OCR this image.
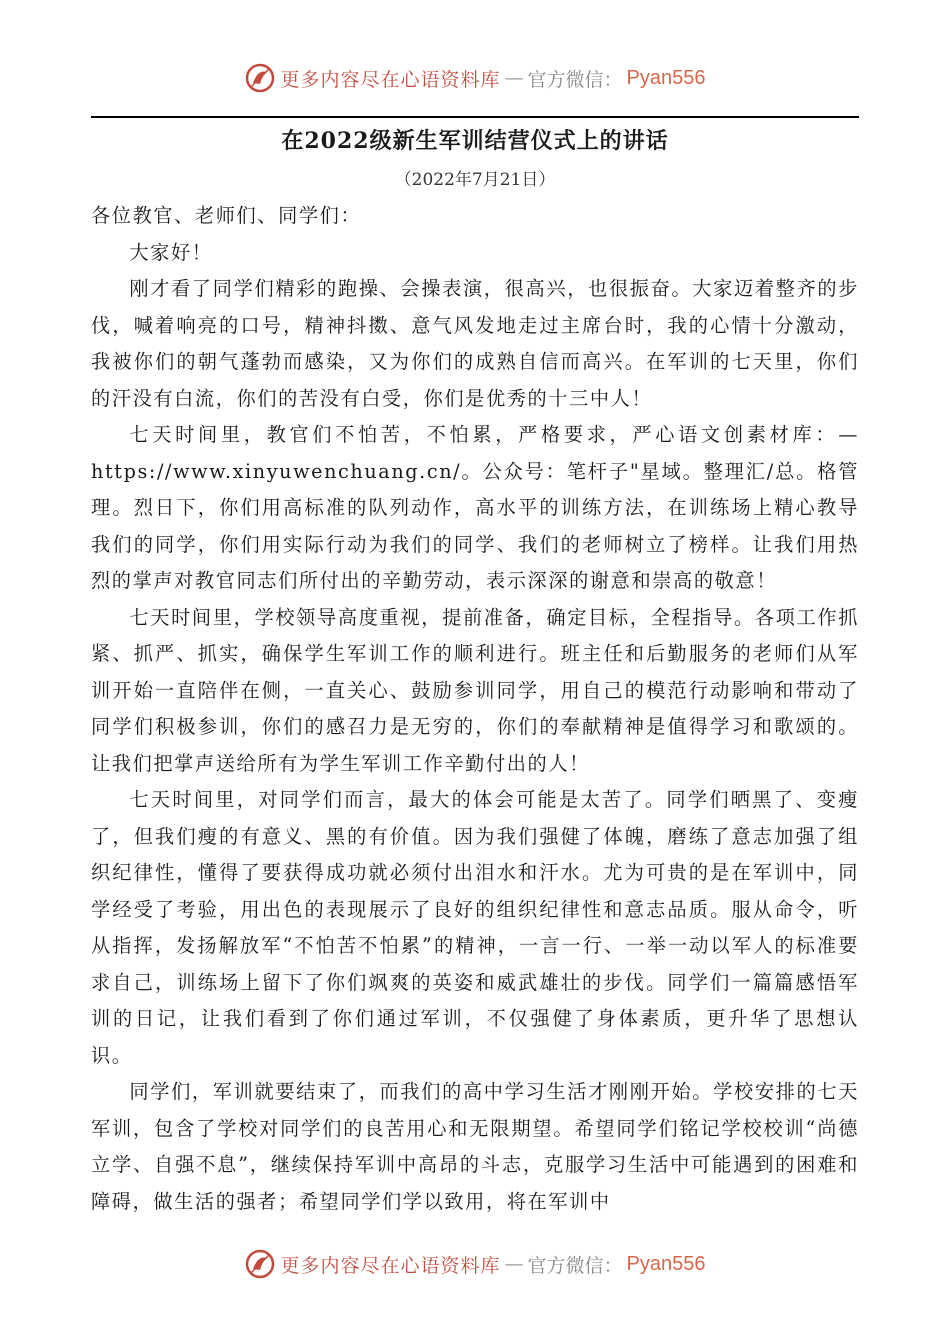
更多内容尽在心语资料库 — 官方微信： Pyan556
在2022级新生军训结营仪式上的讲话
（2022年7月21日）

各位教官、老师们、同学们：

大家好！

刚才看了同学们精彩的跑操、会操表演，很高兴，也很振奋。大家迈着整齐的步伐，喊着响亮的口号，精神抖擞、意气风发地走过主席台时，我的心情十分激动，我被你们的朝气蓬勃而感染，又为你们的成熟自信而高兴。在军训的七天里，你们的汗没有白流，你们的苦没有白受，你们是优秀的十三中人！

七天时间里，教官们不怕苦，不怕累，严格要求，严心语文创素材库：—https://www.xinyuwenchuang.cn/。公众号：笔杆子"星域。整理汇/总。格管理。烈日下，你们用高标准的队列动作，高水平的训练方法，在训练场上精心教导我们的同学，你们用实际行动为我们的同学、我们的老师树立了榜样。让我们用热烈的掌声对教官同志们所付出的辛勤劳动，表示深深的谢意和崇高的敬意！

七天时间里，学校领导高度重视，提前准备，确定目标，全程指导。各项工作抓紧、抓严、抓实，确保学生军训工作的顺利进行。班主任和后勤服务的老师们从军训开始一直陪伴在侧，一直关心、鼓励参训同学，用自己的模范行动影响和带动了同学们积极参训，你们的感召力是无穷的，你们的奉献精神是值得学习和歌颂的。让我们把掌声送给所有为学生军训工作辛勤付出的人！

七天时间里，对同学们而言，最大的体会可能是太苦了。同学们晒黑了、变瘦了，但我们瘦的有意义、黑的有价值。因为我们强健了体魄，磨练了意志加强了组织纪律性，懂得了要获得成功就必须付出泪水和汗水。尤为可贵的是在军训中，同学经受了考验，用出色的表现展示了良好的组织纪律性和意志品质。服从命令，听从指挥，发扬解放军“不怕苦不怕累”的精神，一言一行、一举一动以军人的标准要求自己，训练场上留下了你们飒爽的英姿和威武雄壮的步伐。同学们一篇篇感悟军训的日记，让我们看到了你们通过军训，不仅强健了身体素质，更升华了思想认识。

同学们，军训就要结束了，而我们的高中学习生活才刚刚开始。学校安排的七天军训，包含了学校对同学们的良苦用心和无限期望。希望同学们铭记学校校训“尚德立学、自强不息”，继续保持军训中高昂的斗志，克服学习生活中可能遇到的困难和障碍，做生活的强者；希望同学们学以致用，将在军训中

更多内容尽在心语资料库 — 官方微信： Pyan556
